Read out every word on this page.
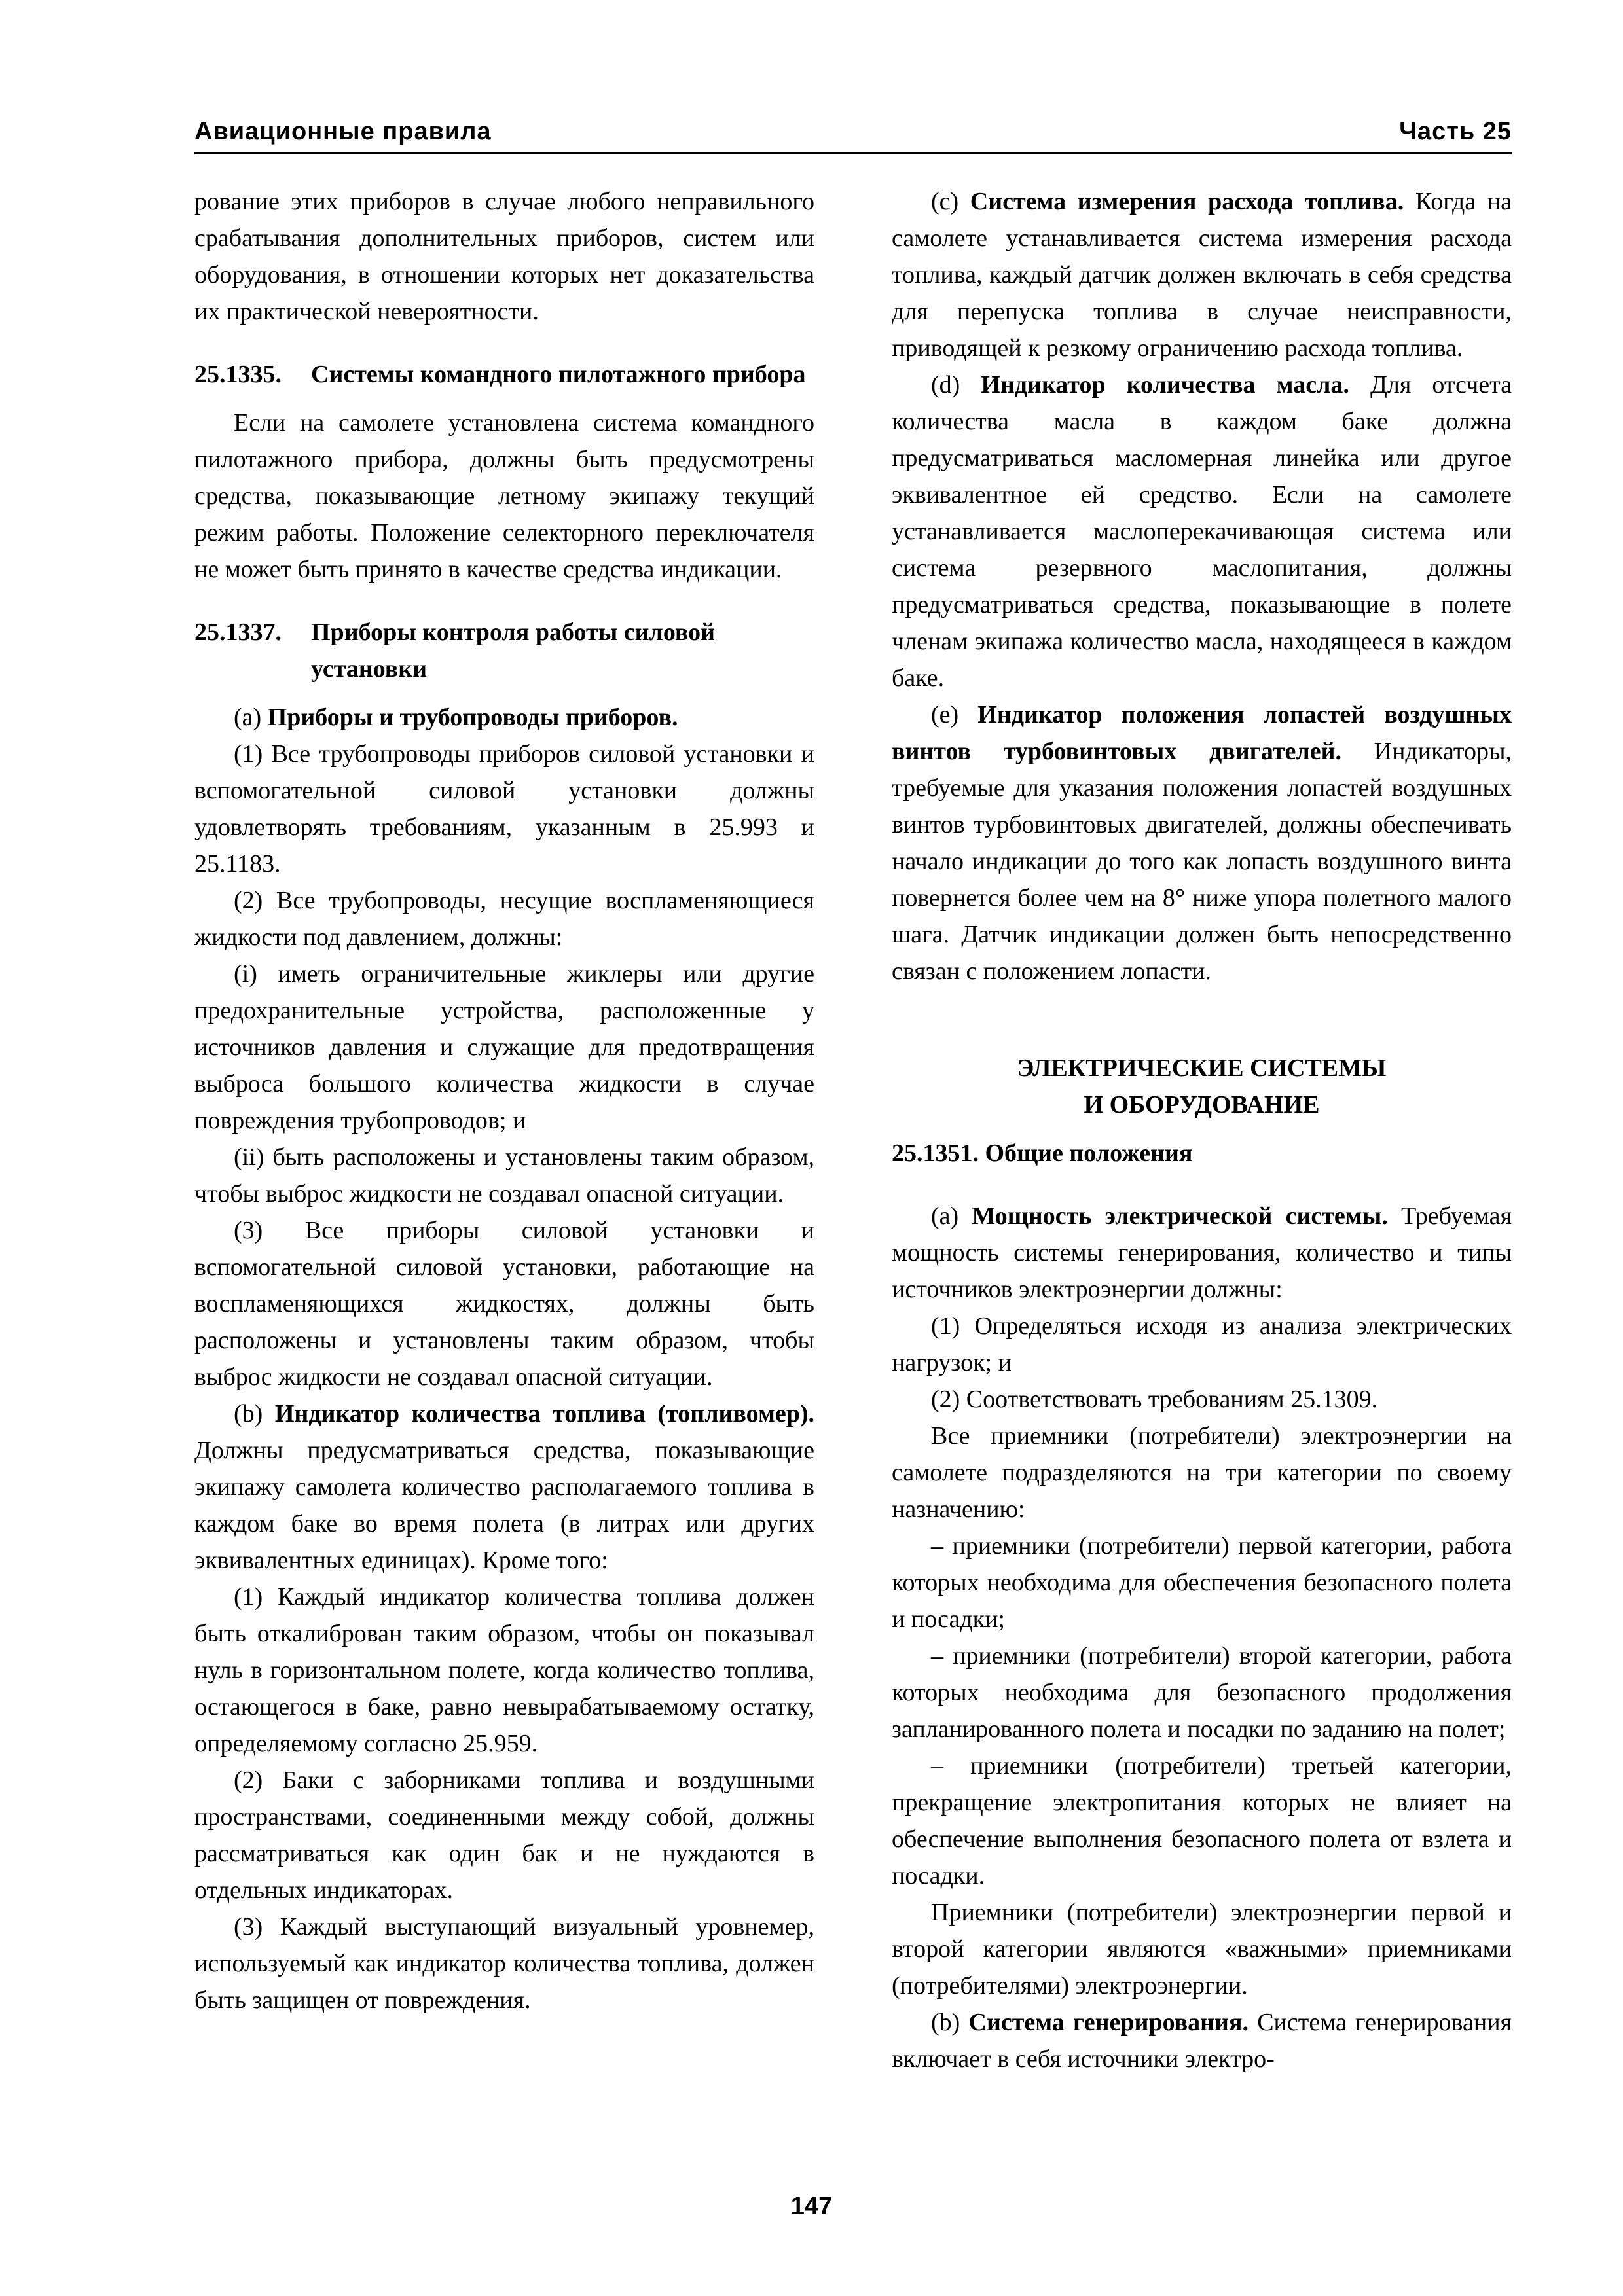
Авиационные правила	Часть 25

рование этих приборов в случае любого неправильного срабатывания дополнительных приборов, систем или оборудования, в отношении которых нет доказательства их практической невероятности.

25.1335.	Системы командного пилотажного прибора

Если на самолете установлена система командного пилотажного прибора, должны быть предусмотрены средства, показывающие летному экипажу текущий режим работы. Положение селекторного переключателя не может быть принято в качестве средства индикации.

25.1337.	Приборы контроля работы силовой установки

(a) Приборы и трубопроводы приборов.

(1) Все трубопроводы приборов силовой установки и вспомогательной силовой установки должны удовлетворять требованиям, указанным в 25.993 и 25.1183.

(2) Все трубопроводы, несущие воспламеняющиеся жидкости под давлением, должны:

(i) иметь ограничительные жиклеры или другие предохранительные устройства, расположенные у источников давления и служащие для предотвращения выброса большого количества жидкости в случае повреждения трубопроводов; и

(ii) быть расположены и установлены таким образом, чтобы выброс жидкости не создавал опасной ситуации.

(3) Все приборы силовой установки и вспомогательной силовой установки, работающие на воспламеняющихся жидкостях, должны быть расположены и установлены таким образом, чтобы выброс жидкости не создавал опасной ситуации.

(b) Индикатор количества топлива (топливомер). Должны предусматриваться средства, показывающие экипажу самолета количество располагаемого топлива в каждом баке во время полета (в литрах или других эквивалентных единицах). Кроме того:

(1) Каждый индикатор количества топлива должен быть откалиброван таким образом, чтобы он показывал нуль в горизонтальном полете, когда количество топлива, остающегося в баке, равно невырабатываемому остатку, определяемому согласно 25.959.

(2) Баки с заборниками топлива и воздушными пространствами, соединенными между собой, должны рассматриваться как один бак и не нуждаются в отдельных индикаторах.

(3) Каждый выступающий визуальный уровнемер, используемый как индикатор количества топлива, должен быть защищен от повреждения.

(c) Система измерения расхода топлива. Когда на самолете устанавливается система измерения расхода топлива, каждый датчик должен включать в себя средства для перепуска топлива в случае неисправности, приводящей к резкому ограничению расхода топлива.

(d) Индикатор количества масла. Для отсчета количества масла в каждом баке должна предусматриваться масломерная линейка или другое эквивалентное ей средство. Если на самолете устанавливается маслоперекачивающая система или система резервного маслопитания, должны предусматриваться средства, показывающие в полете членам экипажа количество масла, находящееся в каждом баке.

(e) Индикатор положения лопастей воздушных винтов турбовинтовых двигателей. Индикаторы, требуемые для указания положения лопастей воздушных винтов турбовинтовых двигателей, должны обеспечивать начало индикации до того как лопасть воздушного винта повернется более чем на 8° ниже упора полетного малого шага. Датчик индикации должен быть непосредственно связан с положением лопасти.

ЭЛЕКТРИЧЕСКИЕ СИСТЕМЫ
И ОБОРУДОВАНИЕ
25.1351.
Общие положения

(a) Мощность электрической системы. Требуемая мощность системы генерирования, количество и типы источников электроэнергии должны:

(1) Определяться исходя из анализа электрических нагрузок; и

(2) Соответствовать требованиям 25.1309.

Все приемники (потребители) электроэнергии на самолете подразделяются на три категории по своему назначению:

– приемники (потребители) первой категории, работа которых необходима для обеспечения безопасного полета и посадки;

– приемники (потребители) второй категории, работа которых необходима для безопасного продолжения запланированного полета и посадки по заданию на полет;

– приемники (потребители) третьей категории, прекращение электропитания которых не влияет на обеспечение выполнения безопасного полета от взлета и посадки.

Приемники (потребители) электроэнергии первой и второй категории являются «важными» приемниками (потребителями) электроэнергии.

(b) Система генерирования. Система генерирования включает в себя источники электро-

147
